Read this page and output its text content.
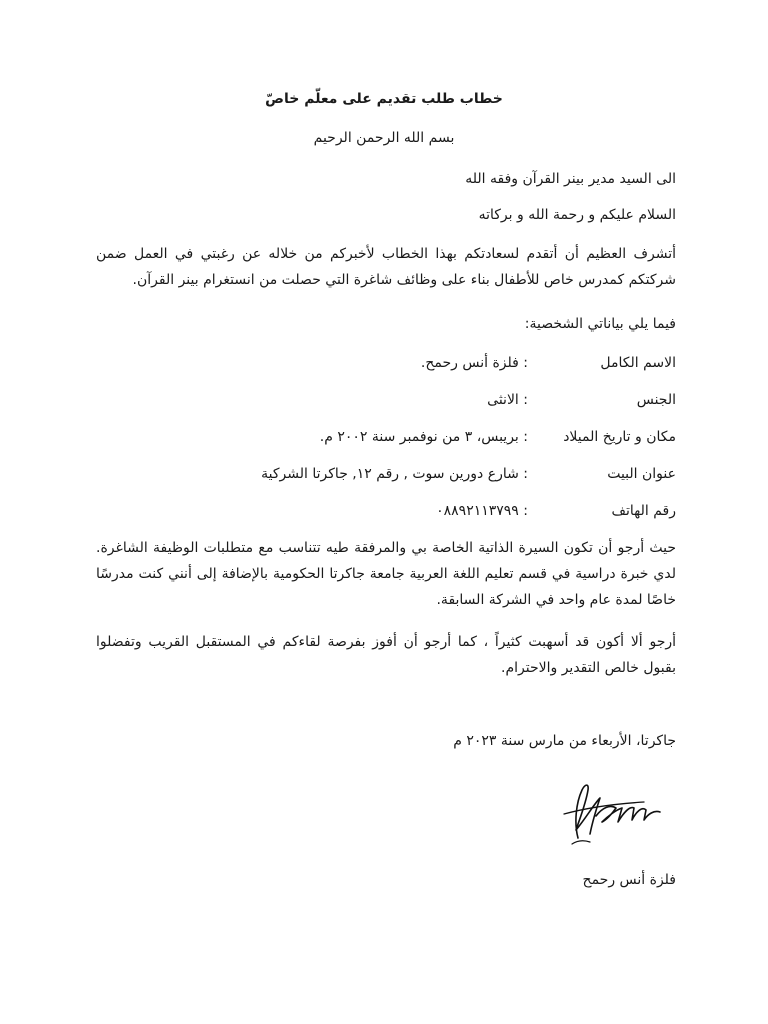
خطاب طلب تقديم على معلّم خاصّ
بسم الله الرحمن الرحيم
الى السيد مدير بينر القرآن وفقه الله
السلام عليكم و رحمة الله و بركاته
أتشرف العظيم أن أتقدم لسعادتكم بهذا الخطاب لأخبركم من خلاله عن رغبتي في العمل ضمن شركتكم كمدرس خاص للأطفال بناء على وظائف شاغرة التي حصلت من انستغرام بينر القرآن.
فيما يلي بياناتي الشخصية:
الاسم الكامل
: فلزة أنس رحمح.
الجنس
: الانثى
مكان و تاريخ الميلاد
: بريبس، ٣ من نوفمبر سنة ٢٠٠٢ م.
عنوان البيت
: شارع دورين سوت , رقم ١٢, جاكرتا الشركية
رقم الهاتف
: ٠٨٨٩٢١١٣٧٩٩
حيث أرجو أن تكون السيرة الذاتية الخاصة بي والمرفقة طيه تتناسب مع متطلبات الوظيفة الشاغرة. لدي خبرة دراسية في قسم تعليم اللغة العربية جامعة جاكرتا الحكومية بالإضافة إلى أنني كنت مدرسًا خاصًا لمدة عام واحد في الشركة السابقة.
أرجو ألا أكون قد أسهبت كثيراً ، كما أرجو أن أفوز بفرصة لقاءكم في المستقبل القريب وتفضلوا بقبول خالص التقدير والاحترام.
جاكرتا، الأربعاء من مارس سنة ٢٠٢٣ م
فلزة أنس رحمح
